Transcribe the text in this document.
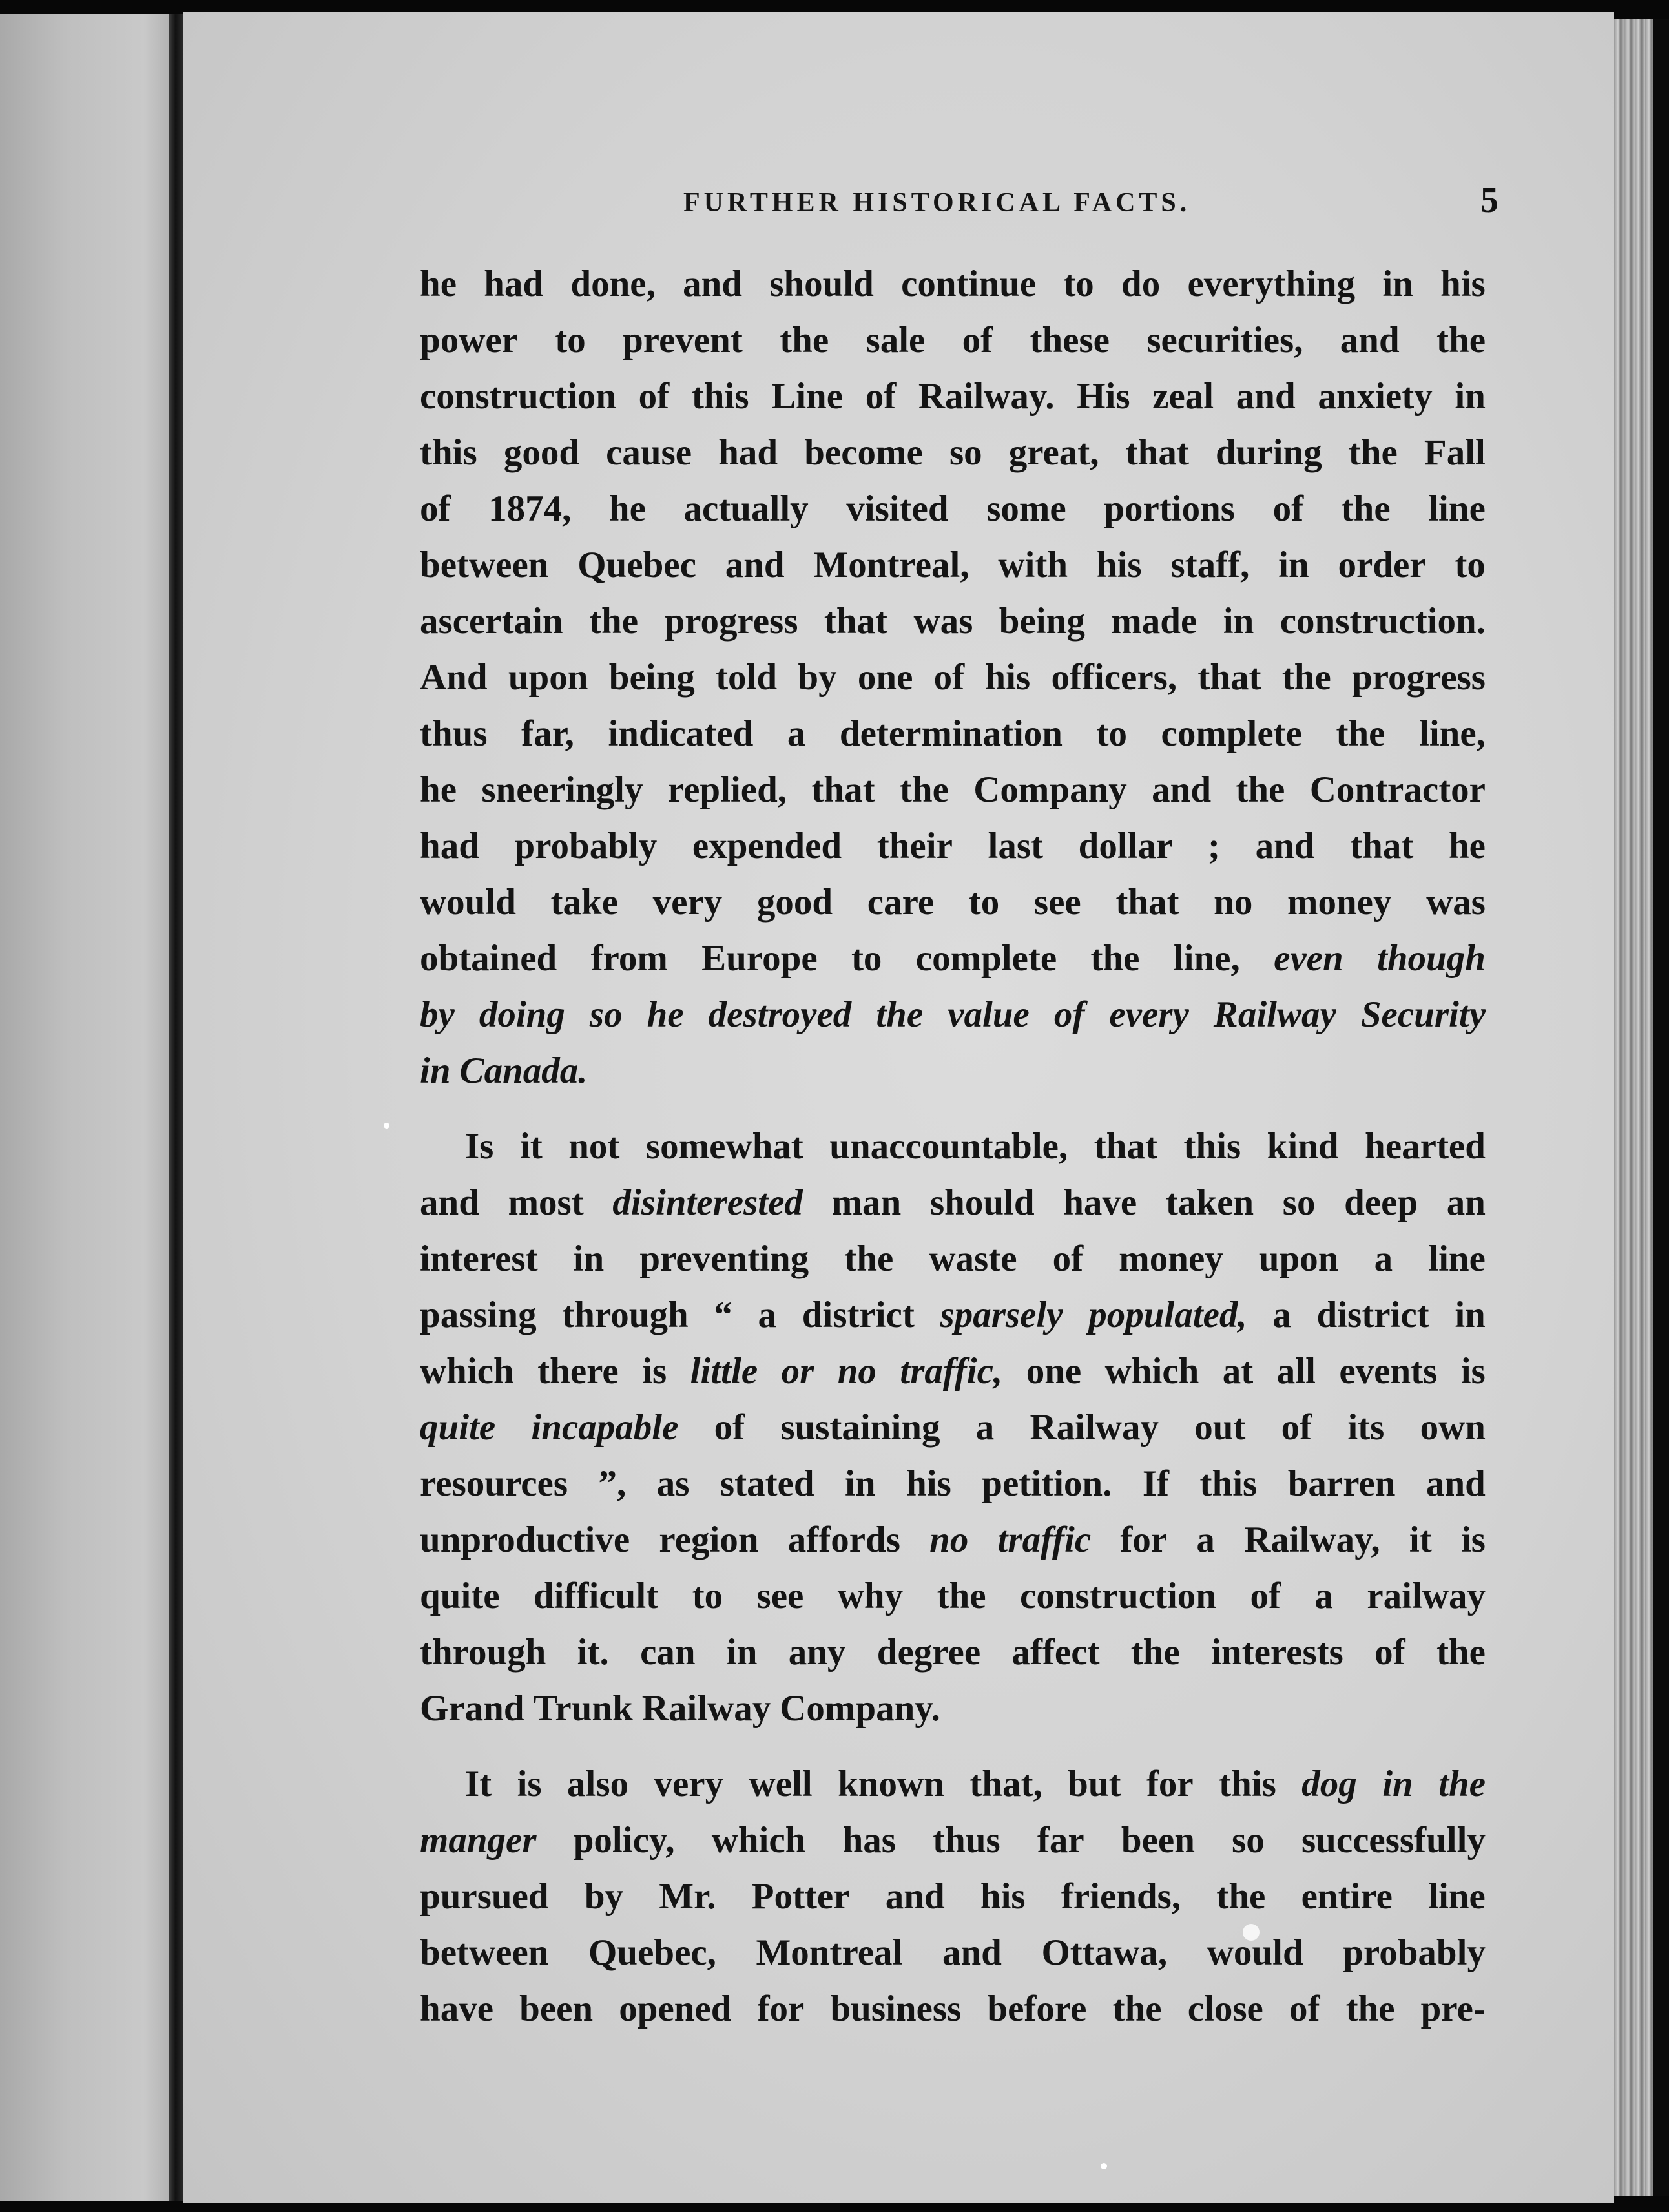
FURTHER HISTORICAL FACTS.	5
he had done, and should continue to do everything in his
power to prevent the sale of these securities, and the
construction of this Line of Railway. His zeal and anxiety in
this good cause had become so great, that during the Fall
of 1874, he actually visited some portions of the line
between Quebec and Montreal, with his staff, in order to
ascertain the progress that was being made in construction.
And upon being told by one of his officers, that the progress
thus far, indicated a determination to complete the line,
he sneeringly replied, that the Company and the Contractor
had probably expended their last dollar ; and that he
would take very good care to see that no money was
obtained from Europe to complete the line, even though
by doing so he destroyed the value of every Railway Security
in Canada.
Is it not somewhat unaccountable, that this kind hearted
and most disinterested man should have taken so deep an
interest in preventing the waste of money upon a line
passing through “ a district sparsely populated, a district in
which there is little or no traffic, one which at all events is
quite incapable of sustaining a Railway out of its own
resources ”, as stated in his petition. If this barren and
unproductive region affords no traffic for a Railway, it is
quite difficult to see why the construction of a railway
through it. can in any degree affect the interests of the
Grand Trunk Railway Company.
It is also very well known that, but for this dog in the
manger policy, which has thus far been so successfully
pursued by Mr. Potter and his friends, the entire line
between Quebec, Montreal and Ottawa, would probably
have been opened for business before the close of the pre-
